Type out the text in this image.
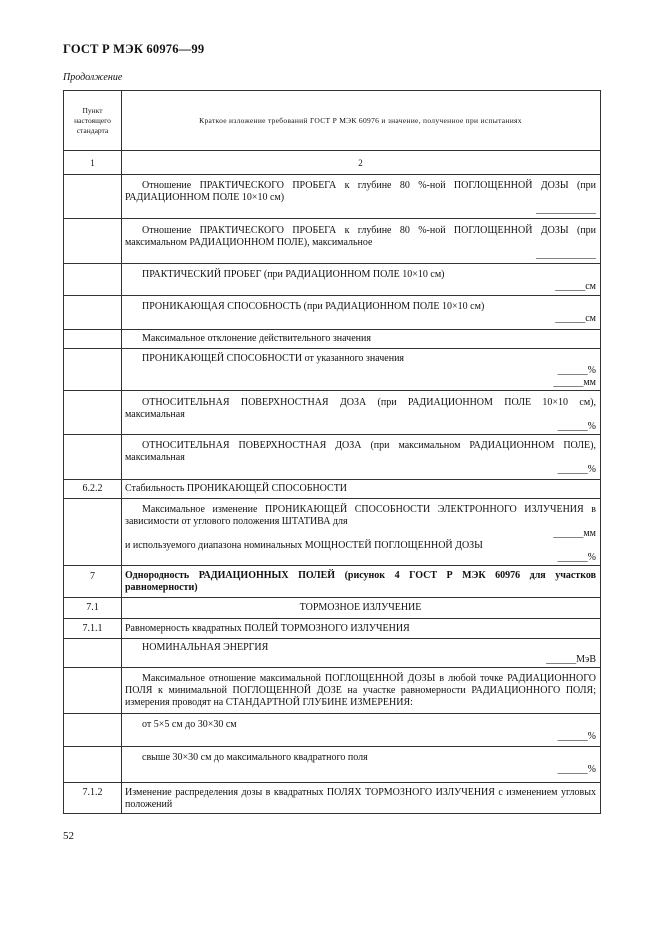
ГОСТ Р МЭК 60976—99
Продолжение
Пункт настоящего стандарта	Краткое изложение требований ГОСТ Р МЭК 60976 и значение, полученное при испытаниях
1	2

	Отношение ПРАКТИЧЕСКОГО ПРОБЕГА к глубине 80 %-ной ПОГЛОЩЕННОЙ ДОЗЫ (при РАДИАЦИОННОМ ПОЛЕ 10×10 см)
____________

	Отношение ПРАКТИЧЕСКОГО ПРОБЕГА к глубине 80 %-ной ПОГЛОЩЕННОЙ ДОЗЫ (при максимальном РАДИАЦИОННОМ ПОЛЕ), максимальное
____________

	ПРАКТИЧЕСКИЙ ПРОБЕГ (при РАДИАЦИОННОМ ПОЛЕ 10×10 см)
______см

	ПРОНИКАЮЩАЯ СПОСОБНОСТЬ (при РАДИАЦИОННОМ ПОЛЕ 10×10 см)
______см

	Максимальное отклонение действительного значения

	ПРОНИКАЮЩЕЙ СПОСОБНОСТИ от указанного значения
______%
______мм

	ОТНОСИТЕЛЬНАЯ ПОВЕРХНОСТНАЯ ДОЗА (при РАДИАЦИОННОМ ПОЛЕ 10×10 см), максимальная
______%

	ОТНОСИТЕЛЬНАЯ ПОВЕРХНОСТНАЯ ДОЗА (при максимальном РАДИАЦИОННОМ ПОЛЕ), максимальная
______%

6.2.2	Стабильность ПРОНИКАЮЩЕЙ СПОСОБНОСТИ

	Максимальное изменение ПРОНИКАЮЩЕЙ СПОСОБНОСТИ ЭЛЕКТРОННОГО ИЗЛУЧЕНИЯ в зависимости от углового положения ШТАТИВА для
______мм
и используемого диапазона номинальных МОЩНОСТЕЙ ПОГЛОЩЕННОЙ ДОЗЫ
______%

7	Однородность РАДИАЦИОННЫХ ПОЛЕЙ (рисунок 4 ГОСТ Р МЭК 60976 для участков равномерности)

7.1	ТОРМОЗНОЕ ИЗЛУЧЕНИЕ

7.1.1	Равномерность квадратных ПОЛЕЙ ТОРМОЗНОГО ИЗЛУЧЕНИЯ

	НОМИНАЛЬНАЯ ЭНЕРГИЯ
______МэВ

	Максимальное отношение максимальной ПОГЛОЩЕННОЙ ДОЗЫ в любой точке РАДИАЦИОННОГО ПОЛЯ к минимальной ПОГЛОЩЕННОЙ ДОЗЕ на участке равномерности РАДИАЦИОННОГО ПОЛЯ; измерения проводят на СТАНДАРТНОЙ ГЛУБИНЕ ИЗМЕРЕНИЯ:

	от 5×5 см до 30×30 см
______%

	свыше 30×30 см до максимального квадратного поля
______%

7.1.2	Изменение распределения дозы в квадратных ПОЛЯХ ТОРМОЗНОГО ИЗЛУЧЕНИЯ с изменением угловых положений
52
